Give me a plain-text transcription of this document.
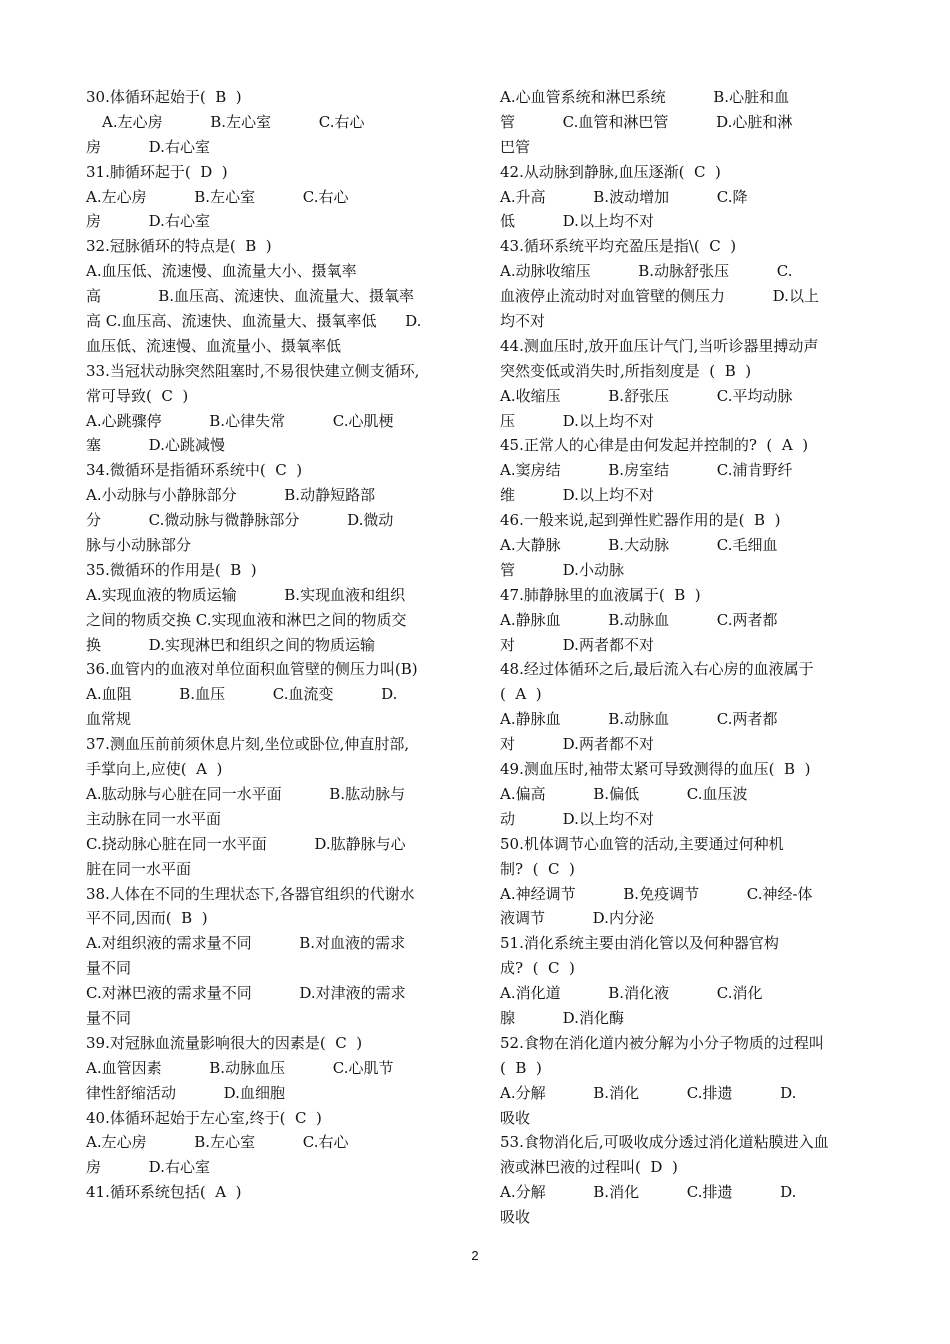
30.体循环起始于(  B  )
A.左心房          B.左心室          C.右心
房          D.右心室
31.肺循环起于(  D  )
A.左心房          B.左心室          C.右心
房          D.右心室
32.冠脉循环的特点是(  B  )
A.血压低、流速慢、血流量大小、摄氧率
高            B.血压高、流速快、血流量大、摄氧率
高 C.血压高、流速快、血流量大、摄氧率低      D.
血压低、流速慢、血流量小、摄氧率低
33.当冠状动脉突然阻塞时,不易很快建立侧支循环,
常可导致(  C  )
A.心跳骤停          B.心律失常          C.心肌梗
塞          D.心跳减慢
34.微循环是指循环系统中(  C  )
A.小动脉与小静脉部分          B.动静短路部
分          C.微动脉与微静脉部分          D.微动
脉与小动脉部分
35.微循环的作用是(  B  )
A.实现血液的物质运输          B.实现血液和组织
之间的物质交换 C.实现血液和淋巴之间的物质交
换          D.实现淋巴和组织之间的物质运输
36.血管内的血液对单位面积血管壁的侧压力叫(B)
A.血阻          B.血压          C.血流变          D.
血常规
37.测血压前前须休息片刻,坐位或卧位,伸直肘部,
手掌向上,应使(  A  )
A.肱动脉与心脏在同一水平面          B.肱动脉与
主动脉在同一水平面
C.挠动脉心脏在同一水平面          D.肱静脉与心
脏在同一水平面
38.人体在不同的生理状态下,各器官组织的代谢水
平不同,因而(  B  )
A.对组织液的需求量不同          B.对血液的需求
量不同
C.对淋巴液的需求量不同          D.对津液的需求
量不同
39.对冠脉血流量影响很大的因素是(  C  )
A.血管因素          B.动脉血压          C.心肌节
律性舒缩活动          D.血细胞
40.体循环起始于左心室,终于(  C  )
A.左心房          B.左心室          C.右心
房          D.右心室
41.循环系统包括(  A  )
A.心血管系统和淋巴系统          B.心脏和血
管          C.血管和淋巴管          D.心脏和淋
巴管
42.从动脉到静脉,血压逐渐(  C  )
A.升高          B.波动增加          C.降
低          D.以上均不对
43.循环系统平均充盈压是指\(  C  )
A.动脉收缩压          B.动脉舒张压          C.
血液停止流动时对血管壁的侧压力          D.以上
均不对
44.测血压时,放开血压计气门,当听诊器里搏动声
突然变低或消失时,所指刻度是  (  B  )
A.收缩压          B.舒张压          C.平均动脉
压          D.以上均不对
45.正常人的心律是由何发起并控制的?  (  A  )
A.窦房结          B.房室结          C.浦肯野纤
维          D.以上均不对
46.一般来说,起到弹性贮器作用的是(  B  )
A.大静脉          B.大动脉          C.毛细血
管          D.小动脉
47.肺静脉里的血液属于(  B  )
A.静脉血          B.动脉血          C.两者都
对          D.两者都不对
48.经过体循环之后,最后流入右心房的血液属于
(  A  )
A.静脉血          B.动脉血          C.两者都
对          D.两者都不对
49.测血压时,袖带太紧可导致测得的血压(  B  )
A.偏高          B.偏低          C.血压波
动          D.以上均不对
50.机体调节心血管的活动,主要通过何种机
制?  (  C  )
A.神经调节          B.免疫调节          C.神经-体
液调节          D.内分泌
51.消化系统主要由消化管以及何种器官构
成?  (  C  )
A.消化道          B.消化液          C.消化
腺          D.消化酶
52.食物在消化道内被分解为小分子物质的过程叫
(  B  )
A.分解          B.消化          C.排遗          D.
吸收
53.食物消化后,可吸收成分透过消化道粘膜进入血
液或淋巴液的过程叫(  D  )
A.分解          B.消化          C.排遗          D.
吸收
2
